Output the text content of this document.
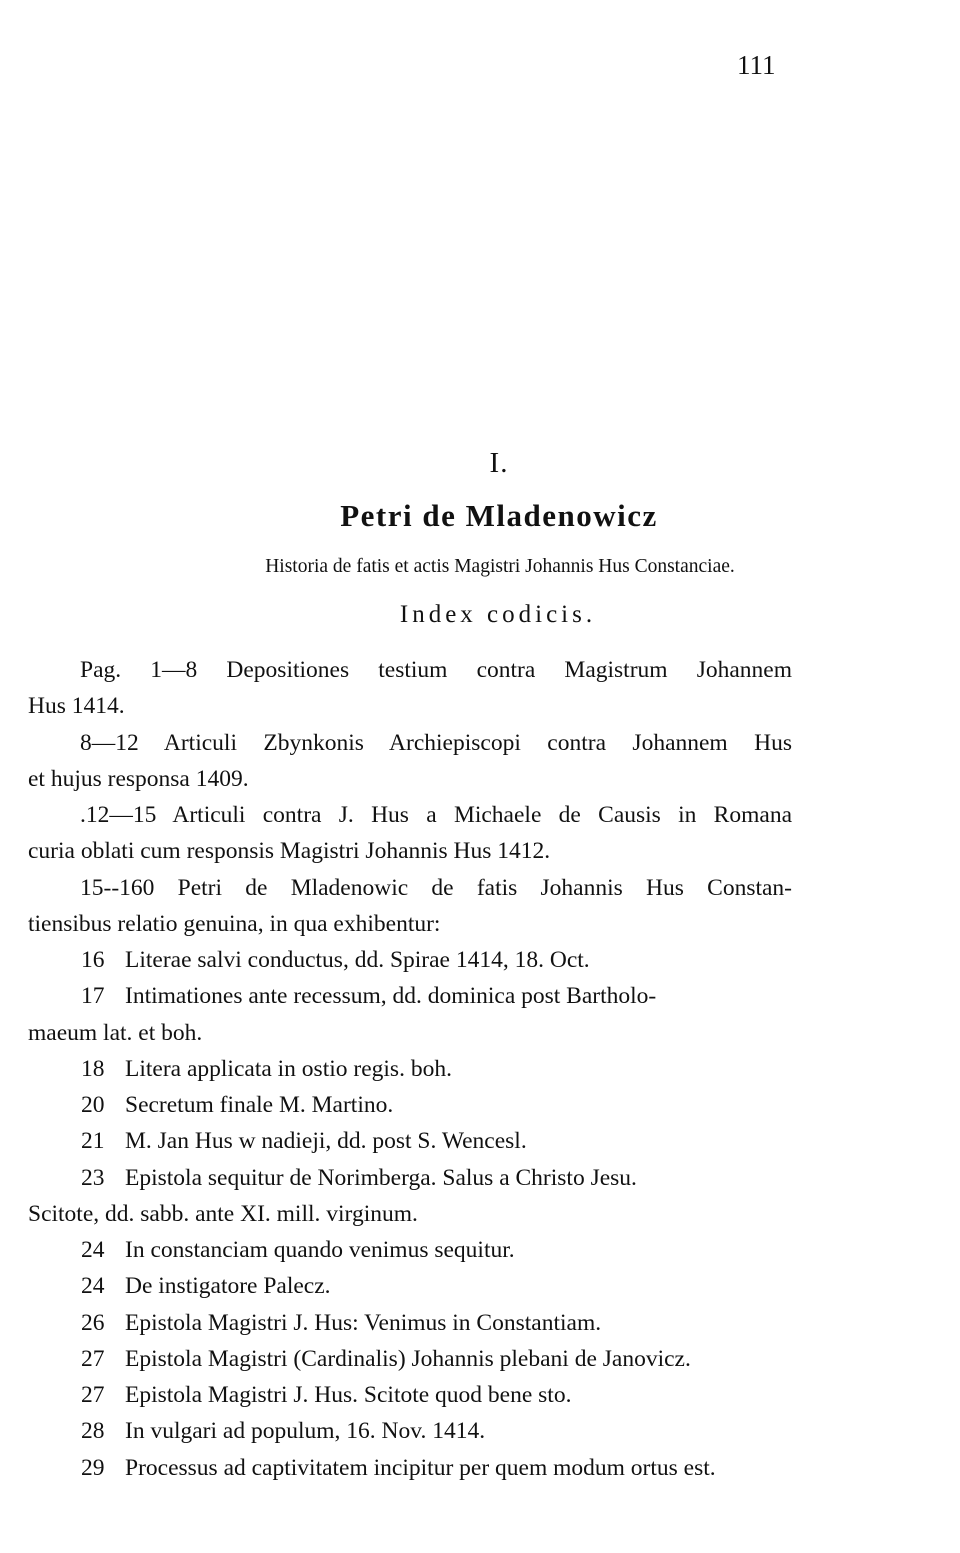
111
I.
Petri de Mladenowicz
Historia de fatis et actis Magistri Johannis Hus Constanciae.
Index codicis.
Pag. 1—8 Depositiones testium contra Magistrum Johannem
Hus 1414.
8—12 Articuli Zbynkonis Archiepiscopi contra Johannem Hus
et hujus responsa 1409.
.12—15 Articuli contra J. Hus a Michaele de Causis in Romana
curia oblati cum responsis Magistri Johannis Hus 1412.
15--160 Petri de Mladenowic de fatis Johannis Hus Constan-
tiensibus relatio genuina, in qua exhibentur:
16 Literae salvi conductus, dd. Spirae 1414, 18. Oct.
17 Intimationes ante recessum, dd. dominica post Bartholo-
maeum lat. et boh.
18 Litera applicata in ostio regis. boh.
20 Secretum finale M. Martino.
21 M. Jan Hus w nadieji, dd. post S. Wencesl.
23 Epistola sequitur de Norimberga. Salus a Christo Jesu.
Scitote, dd. sabb. ante XI. mill. virginum.
24 In constanciam quando venimus sequitur.
24 De instigatore Palecz.
26 Epistola Magistri J. Hus: Venimus in Constantiam.
27 Epistola Magistri (Cardinalis) Johannis plebani de Janovicz.
27 Epistola Magistri J. Hus. Scitote quod bene sto.
28 In vulgari ad populum, 16. Nov. 1414.
29 Processus ad captivitatem incipitur per quem modum ortus est.
